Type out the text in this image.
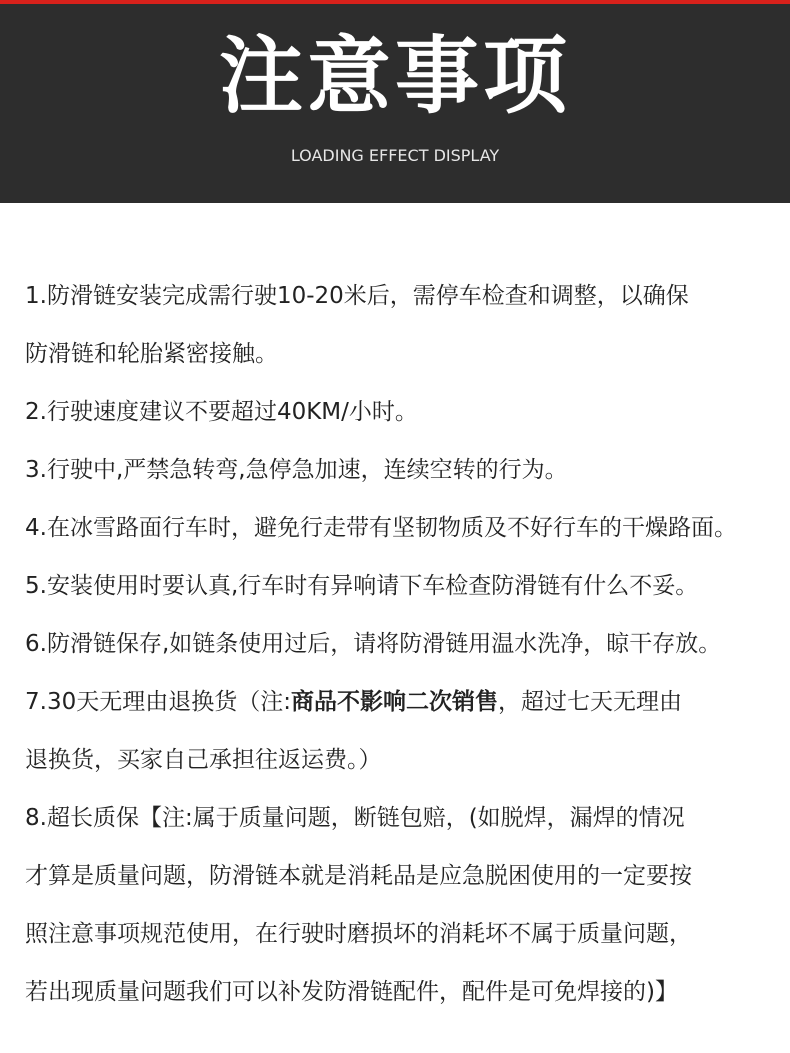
注意事项
LOADING EFFECT DISPLAY
1.防滑链安装完成需行驶10-20米后，需停车检查和调整，以确保
防滑链和轮胎紧密接触。
2.行驶速度建议不要超过40KM/小时。
3.行驶中,严禁急转弯,急停急加速，连续空转的行为。
4.在冰雪路面行车时，避免行走带有坚韧物质及不好行车的干燥路面。
5.安装使用时要认真,行车时有异响请下车检查防滑链有什么不妥。
6.防滑链保存,如链条使用过后，请将防滑链用温水洗净，晾干存放。
7.30天无理由退换货（注:商品不影响二次销售，超过七天无理由
退换货，买家自己承担往返运费。）
8.超长质保【注:属于质量问题，断链包赔，(如脱焊，漏焊的情况
才算是质量问题，防滑链本就是消耗品是应急脱困使用的一定要按
照注意事项规范使用，在行驶时磨损坏的消耗坏不属于质量问题，
若出现质量问题我们可以补发防滑链配件，配件是可免焊接的)】
